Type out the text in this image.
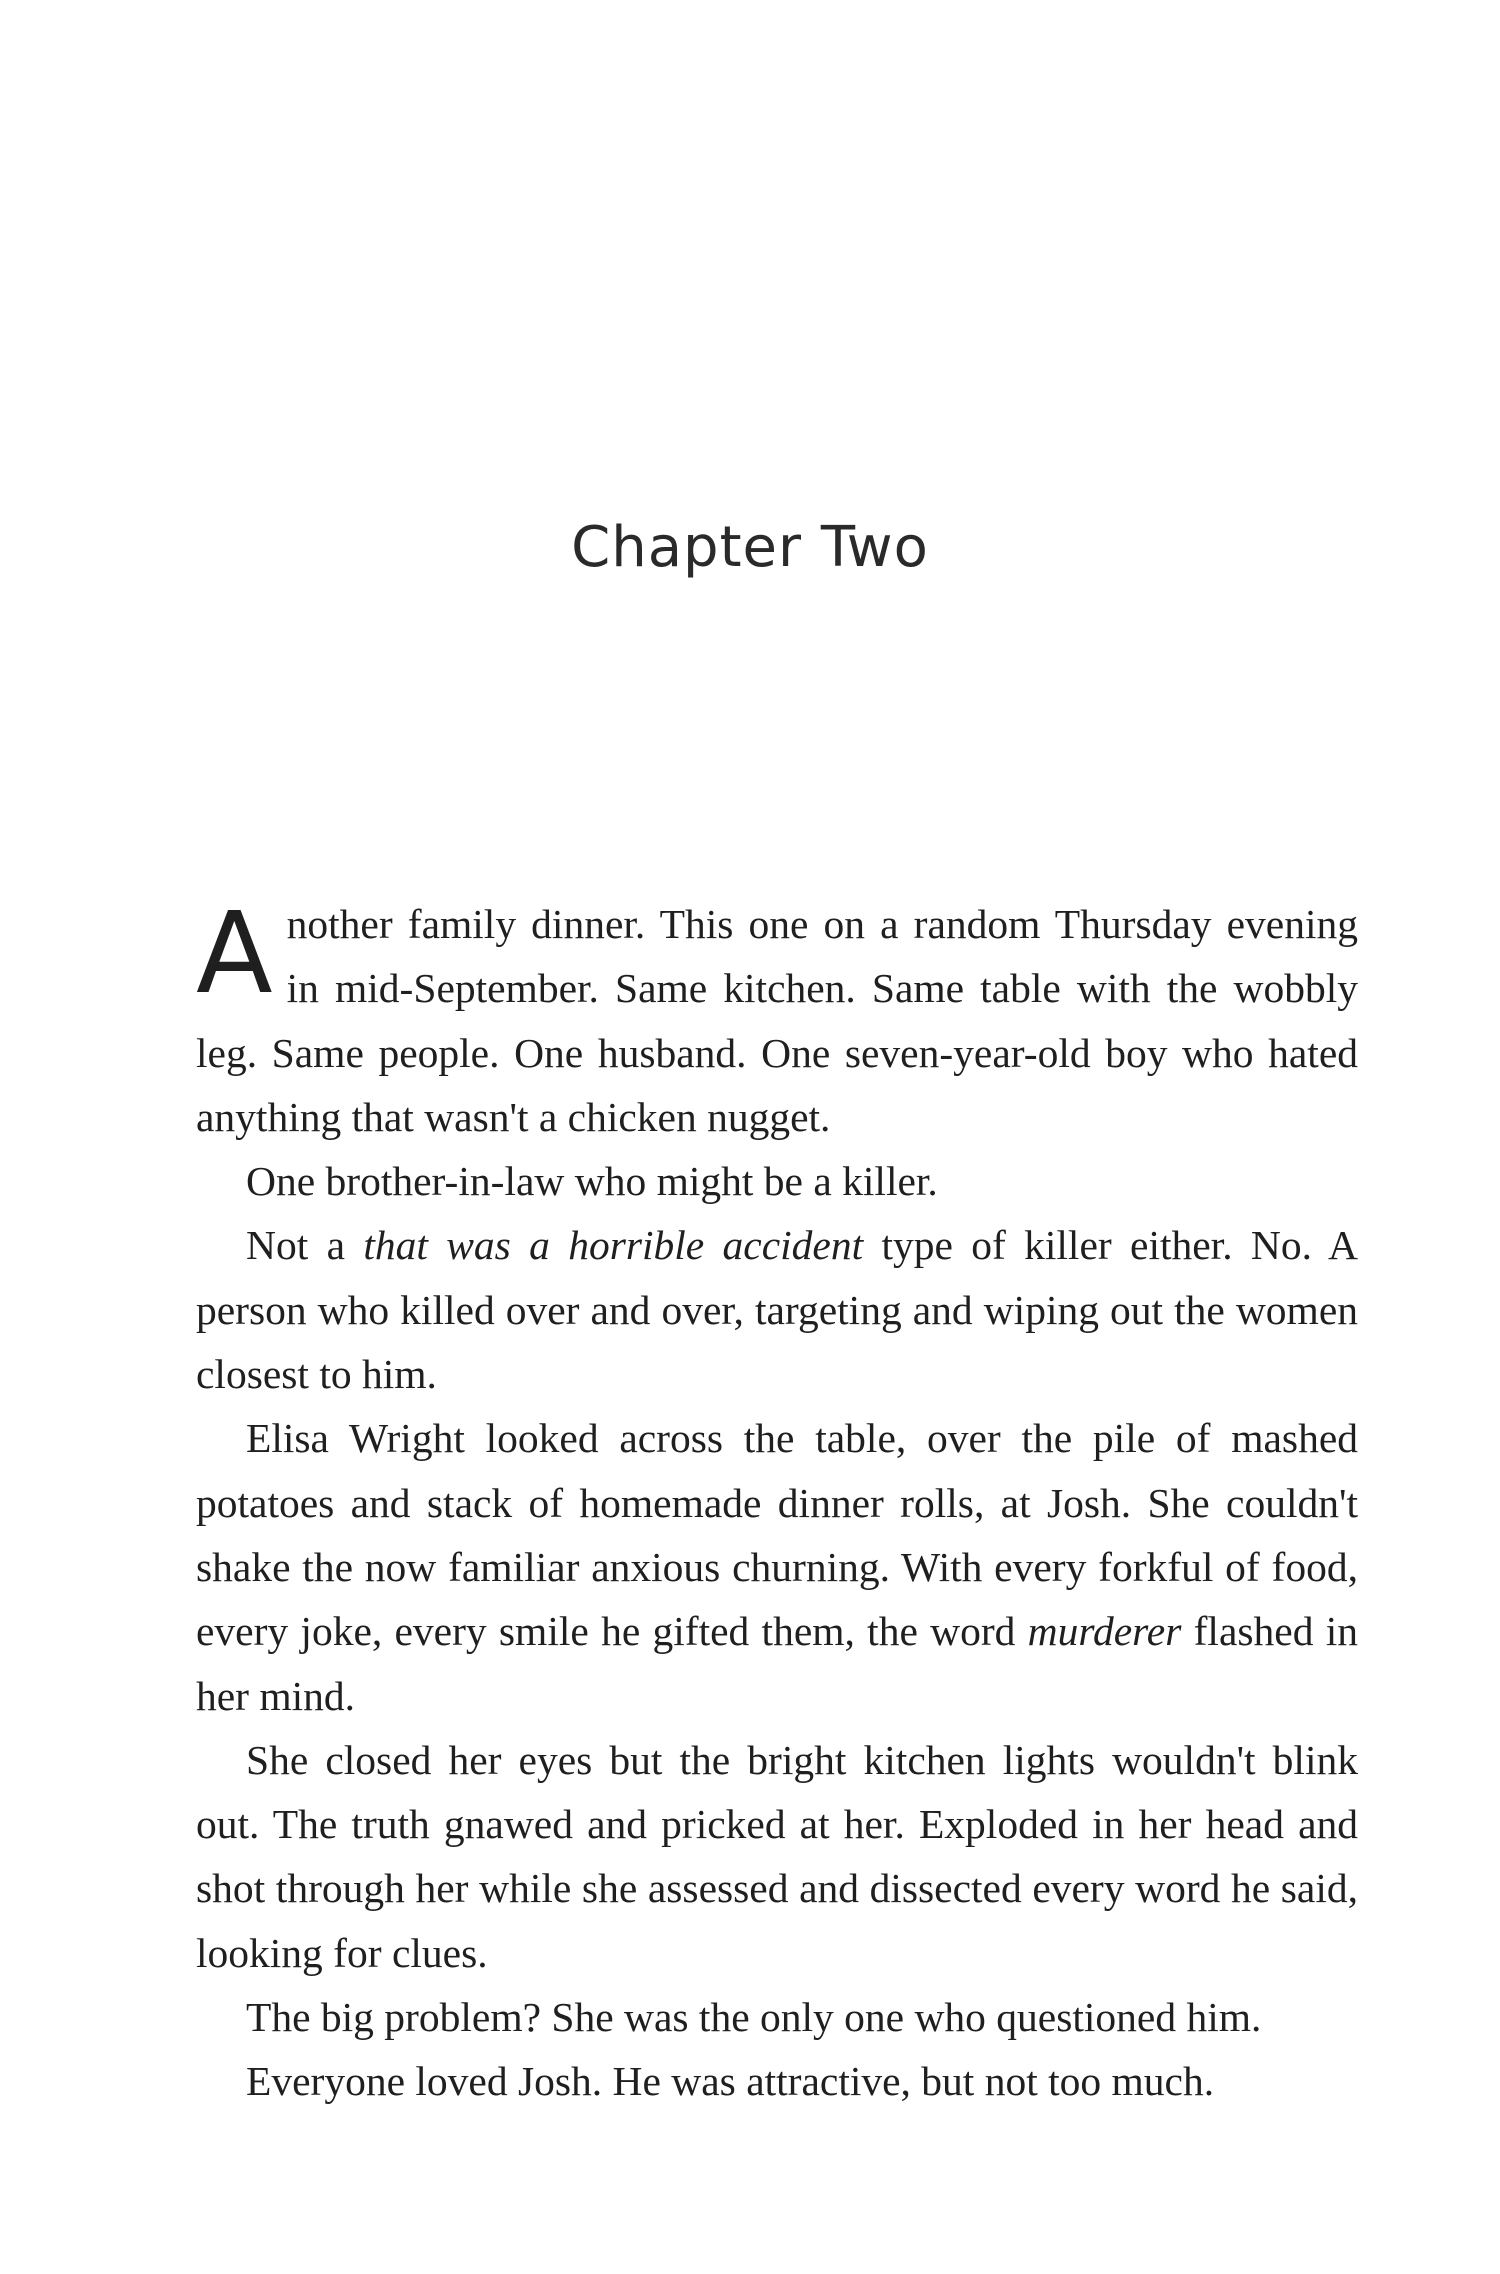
Chapter Two

Another family dinner. This one on a random Thursday evening in mid-September. Same kitchen. Same table with the wobbly leg. Same people. One husband. One seven-year-old boy who hated anything that wasn't a chicken nugget.

One brother-in-law who might be a killer.

Not a that was a horrible accident type of killer either. No. A person who killed over and over, targeting and wiping out the women closest to him.

Elisa Wright looked across the table, over the pile of mashed potatoes and stack of homemade dinner rolls, at Josh. She couldn't shake the now familiar anxious churning. With every forkful of food, every joke, every smile he gifted them, the word murderer flashed in her mind.

She closed her eyes but the bright kitchen lights wouldn't blink out. The truth gnawed and pricked at her. Exploded in her head and shot through her while she assessed and dissected every word he said, looking for clues.

The big problem? She was the only one who questioned him.

Everyone loved Josh. He was attractive, but not too much.
